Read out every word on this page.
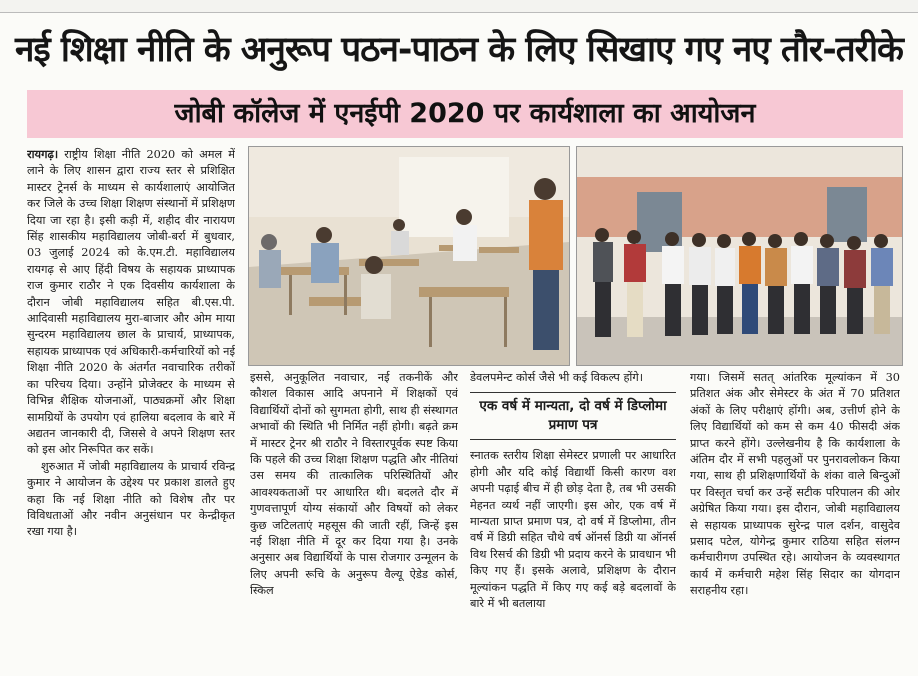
नई शिक्षा नीति के अनुरूप पठन-पाठन के लिए सिखाए गए नए तौर-तरीके
जोबी कॉलेज में एनईपी 2020 पर कार्यशाला का आयोजन

रायगढ़। राष्ट्रीय शिक्षा नीति 2020 को अमल में लाने के लिए शासन द्वारा राज्य स्तर से प्रशिक्षित मास्टर ट्रेनर्स के माध्यम से कार्यशालाएं आयोजित कर जिले के उच्च शिक्षा शिक्षण संस्थानों में प्रशिक्षण दिया जा रहा है। इसी कड़ी में, शहीद वीर नारायण सिंह शासकीय महाविद्यालय जोबी-बर्रा में बुधवार, 03 जुलाई 2024 को के.एम.टी. महाविद्यालय रायगढ़ से आए हिंदी विषय के सहायक प्राध्यापक राज कुमार राठौर ने एक दिवसीय कार्यशाला के दौरान जोबी महाविद्यालय सहित बी.एस.पी. आदिवासी महाविद्यालय मुरा-बाजार और ओम माया सुन्दरम महाविद्यालय छाल के प्राचार्य, प्राध्यापक, सहायक प्राध्यापक एवं अधिकारी-कर्मचारियों को नई शिक्षा नीति 2020 के अंतर्गत नवाचारिक तरीकों का परिचय दिया। उन्होंने प्रोजेक्टर के माध्यम से विभिन्न शैक्षिक योजनाओं, पाठ्यक्रमों और शिक्षा सामग्रियों के उपयोग एवं हालिया बदलाव के बारे में अद्यतन जानकारी दी, जिससे वे अपने शिक्षण स्तर को इस ओर निरूपित कर सकें।

शुरुआत में जोबी महाविद्यालय के प्राचार्य रविन्द्र कुमार ने आयोजन के उद्देश्य पर प्रकाश डालते हुए कहा कि नई शिक्षा नीति को विशेष तौर पर विविधताओं और नवीन अनुसंधान पर केन्द्रीकृत रखा गया है।

इससे, अनुकूलित नवाचार, नई तकनीकें और कौशल विकास आदि अपनाने में शिक्षकों एवं विद्यार्थियों दोनों को सुगमता होगी, साथ ही संस्थागत अभावों की स्थिति भी निर्मित नहीं होगी। बढ़ते क्रम में मास्टर ट्रेनर श्री राठौर ने विस्तारपूर्वक स्पष्ट किया कि पहले की उच्च शिक्षा शिक्षण पद्धति और नीतियां उस समय की तात्कालिक परिस्थितियों और आवश्यकताओं पर आधारित थी। बदलते दौर में गुणवत्तापूर्ण योग्य संकायों और विषयों को लेकर कुछ जटिलताएं महसूस की जाती रहीं, जिन्हें इस नई शिक्षा नीति में दूर कर दिया गया है। उनके अनुसार अब विद्यार्थियों के पास रोजगार उन्मूलन के लिए अपनी रूचि के अनुरूप वैल्यू ऐडेड कोर्स, स्किल

डेवलपमेन्ट कोर्स जैसे भी कई विकल्प होंगे।

एक वर्ष में मान्यता, दो वर्ष में डिप्लोमा प्रमाण पत्र

स्नातक स्तरीय शिक्षा सेमेस्टर प्रणाली पर आधारित होगी और यदि कोई विद्यार्थी किसी कारण वश अपनी पढ़ाई बीच में ही छोड़ देता है, तब भी उसकी मेहनत व्यर्थ नहीं जाएगी। इस ओर, एक वर्ष में मान्यता प्राप्त प्रमाण पत्र, दो वर्ष में डिप्लोमा, तीन वर्ष में डिग्री सहित चौथे वर्ष ऑनर्स डिग्री या ऑनर्स विथ रिसर्च की डिग्री भी प्रदाय करने के प्रावधान भी किए गए हैं। इसके अलावे, प्रशिक्षण के दौरान मूल्यांकन पद्धति में किए गए कई बड़े बदलावों के बारे में भी बतलाया

गया। जिसमें सतत् आंतरिक मूल्यांकन में 30 प्रतिशत अंक और सेमेस्टर के अंत में 70 प्रतिशत अंकों के लिए परीक्षाएं होंगी। अब, उत्तीर्ण होने के लिए विद्यार्थियों को कम से कम 40 फीसदी अंक प्राप्त करने होंगे। उल्लेखनीय है कि कार्यशाला के अंतिम दौर में सभी पहलुओं पर पुनरावलोकन किया गया, साथ ही प्रशिक्षणार्थियों के शंका वाले बिन्दुओं पर विस्तृत चर्चा कर उन्हें सटीक परिपालन की ओर अग्रेषित किया गया। इस दौरान, जोबी महाविद्यालय से सहायक प्राध्यापक सुरेन्द्र पाल दर्शन, वासुदेव प्रसाद पटेल, योगेन्द्र कुमार राठिया सहित संलग्न कर्मचारीगण उपस्थित रहे। आयोजन के व्यवस्थागत कार्य में कर्मचारी महेश सिंह सिदार का योगदान सराहनीय रहा।
